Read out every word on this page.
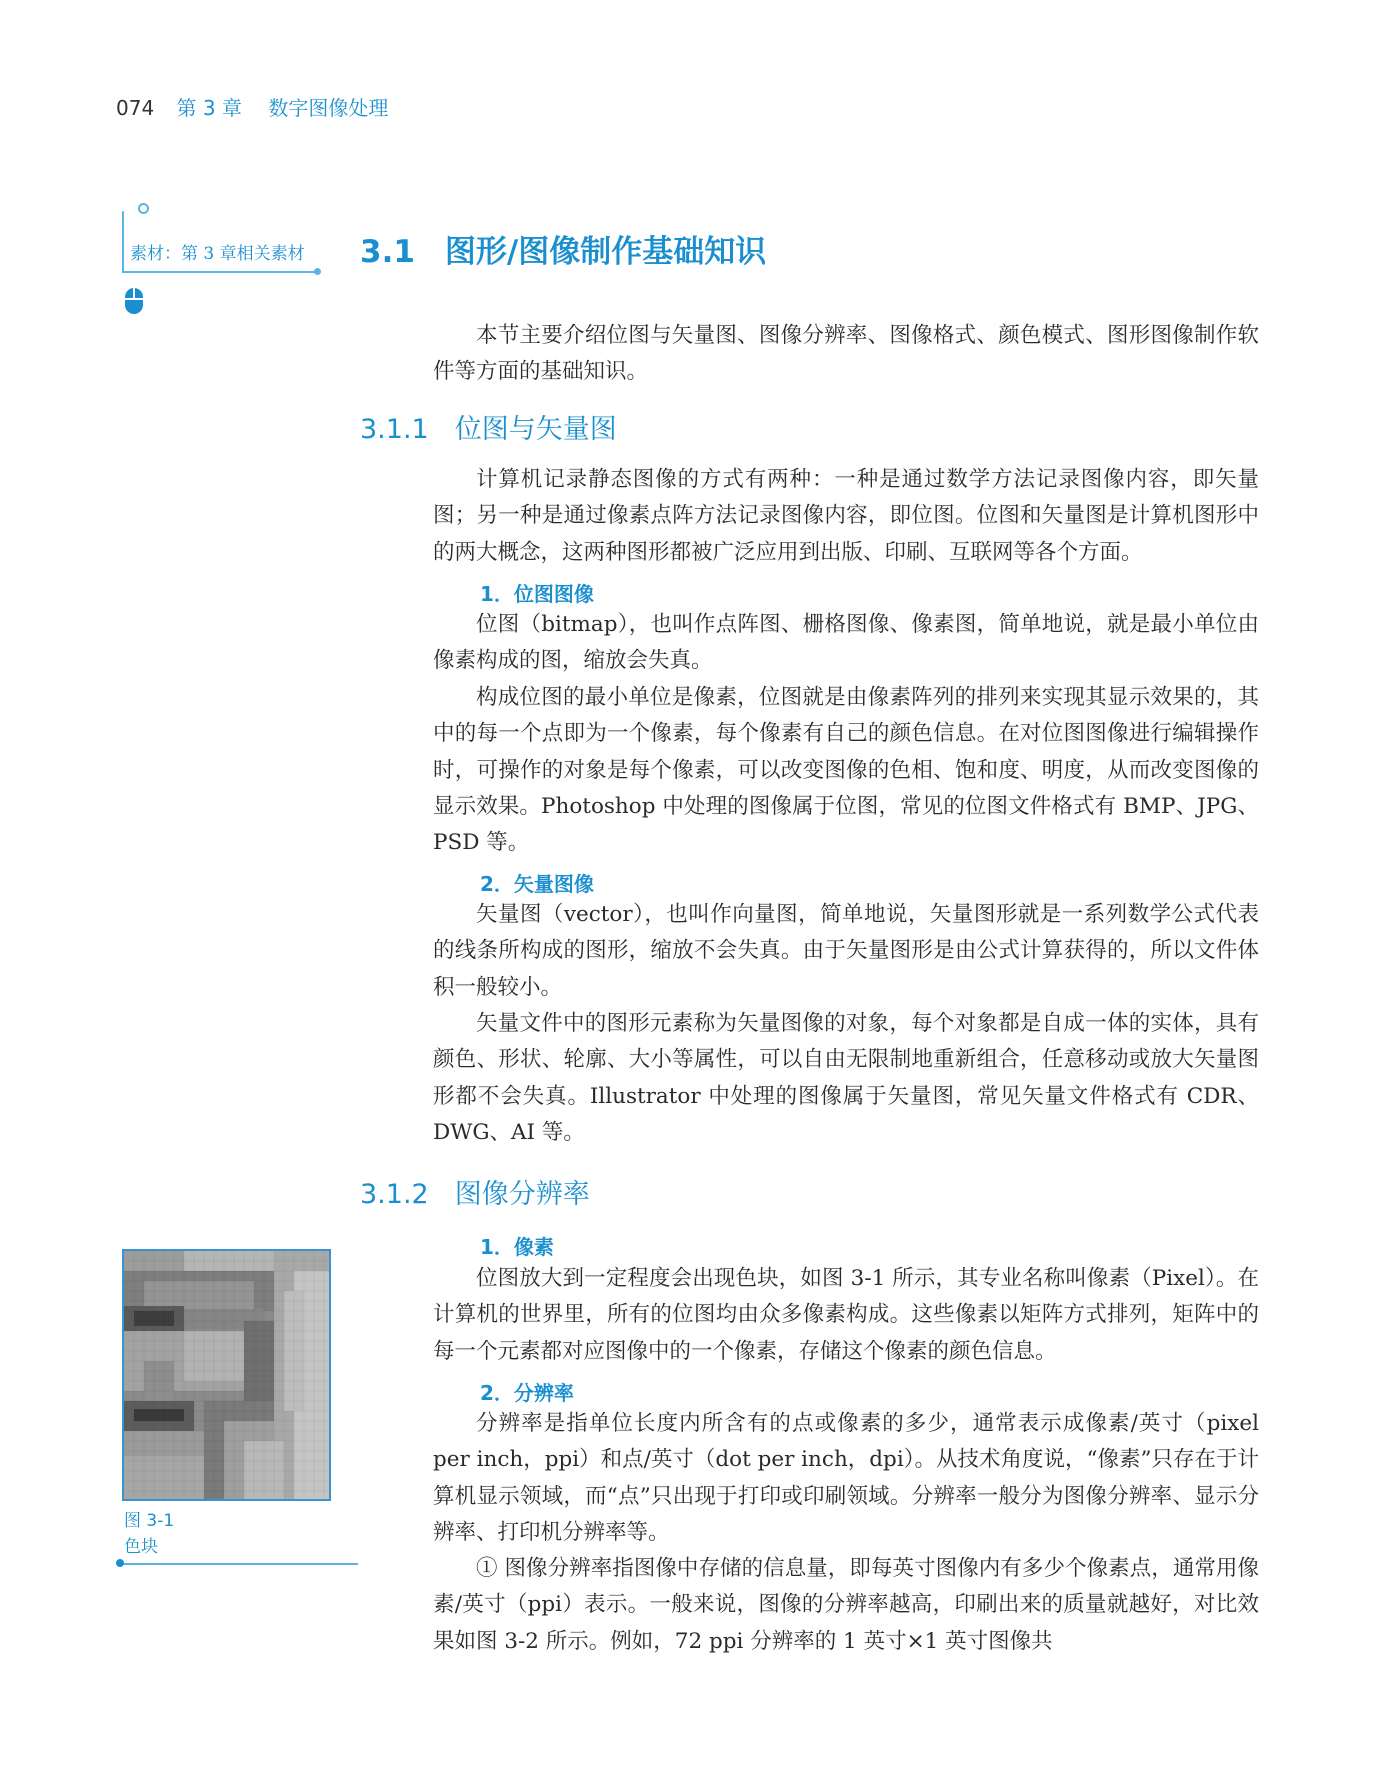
074 第 3 章 数字图像处理
素材：第 3 章相关素材 3.1 图形/图像制作基础知识

本节主要介绍位图与矢量图、图像分辨率、图像格式、颜色模式、图形图像制作软件等方面的基础知识。

3.1.1 位图与矢量图

计算机记录静态图像的方式有两种：一种是通过数学方法记录图像内容，即矢量图；另一种是通过像素点阵方法记录图像内容，即位图。位图和矢量图是计算机图形中的两大概念，这两种图形都被广泛应用到出版、印刷、互联网等各个方面。

1．位图图像

位图（bitmap），也叫作点阵图、栅格图像、像素图，简单地说，就是最小单位由像素构成的图，缩放会失真。

构成位图的最小单位是像素，位图就是由像素阵列的排列来实现其显示效果的，其中的每一个点即为一个像素，每个像素有自己的颜色信息。在对位图图像进行编辑操作时，可操作的对象是每个像素，可以改变图像的色相、饱和度、明度，从而改变图像的显示效果。Photoshop 中处理的图像属于位图，常见的位图文件格式有 BMP、JPG、PSD 等。

2．矢量图像

矢量图（vector），也叫作向量图，简单地说，矢量图形就是一系列数学公式代表的线条所构成的图形，缩放不会失真。由于矢量图形是由公式计算获得的，所以文件体积一般较小。

矢量文件中的图形元素称为矢量图像的对象，每个对象都是自成一体的实体，具有颜色、形状、轮廓、大小等属性，可以自由无限制地重新组合，任意移动或放大矢量图形都不会失真。Illustrator 中处理的图像属于矢量图，常见矢量文件格式有 CDR、DWG、AI 等。

3.1.2 图像分辨率
1．像素

位图放大到一定程度会出现色块，如图 3-1 所示，其专业名称叫像素（Pixel）。在计算机的世界里，所有的位图均由众多像素构成。这些像素以矩阵方式排列，矩阵中的每一个元素都对应图像中的一个像素，存储这个像素的颜色信息。

2．分辨率

分辨率是指单位长度内所含有的点或像素的多少，通常表示成像素/英寸（pixel per inch，ppi）和点/英寸（dot per inch，dpi）。从技术角度说，“像素”只存在于计算机显示领域，而“点”只出现于打印或印刷领域。分辨率一般分为图像分辨率、显示分辨率、打印机分辨率等。

① 图像分辨率指图像中存储的信息量，即每英寸图像内有多少个像素点，通常用像素/英寸（ppi）表示。一般来说，图像的分辨率越高，印刷出来的质量就越好，对比效果如图 3-2 所示。例如，72 ppi 分辨率的 1 英寸×1 英寸图像共

图 3-1
色块
